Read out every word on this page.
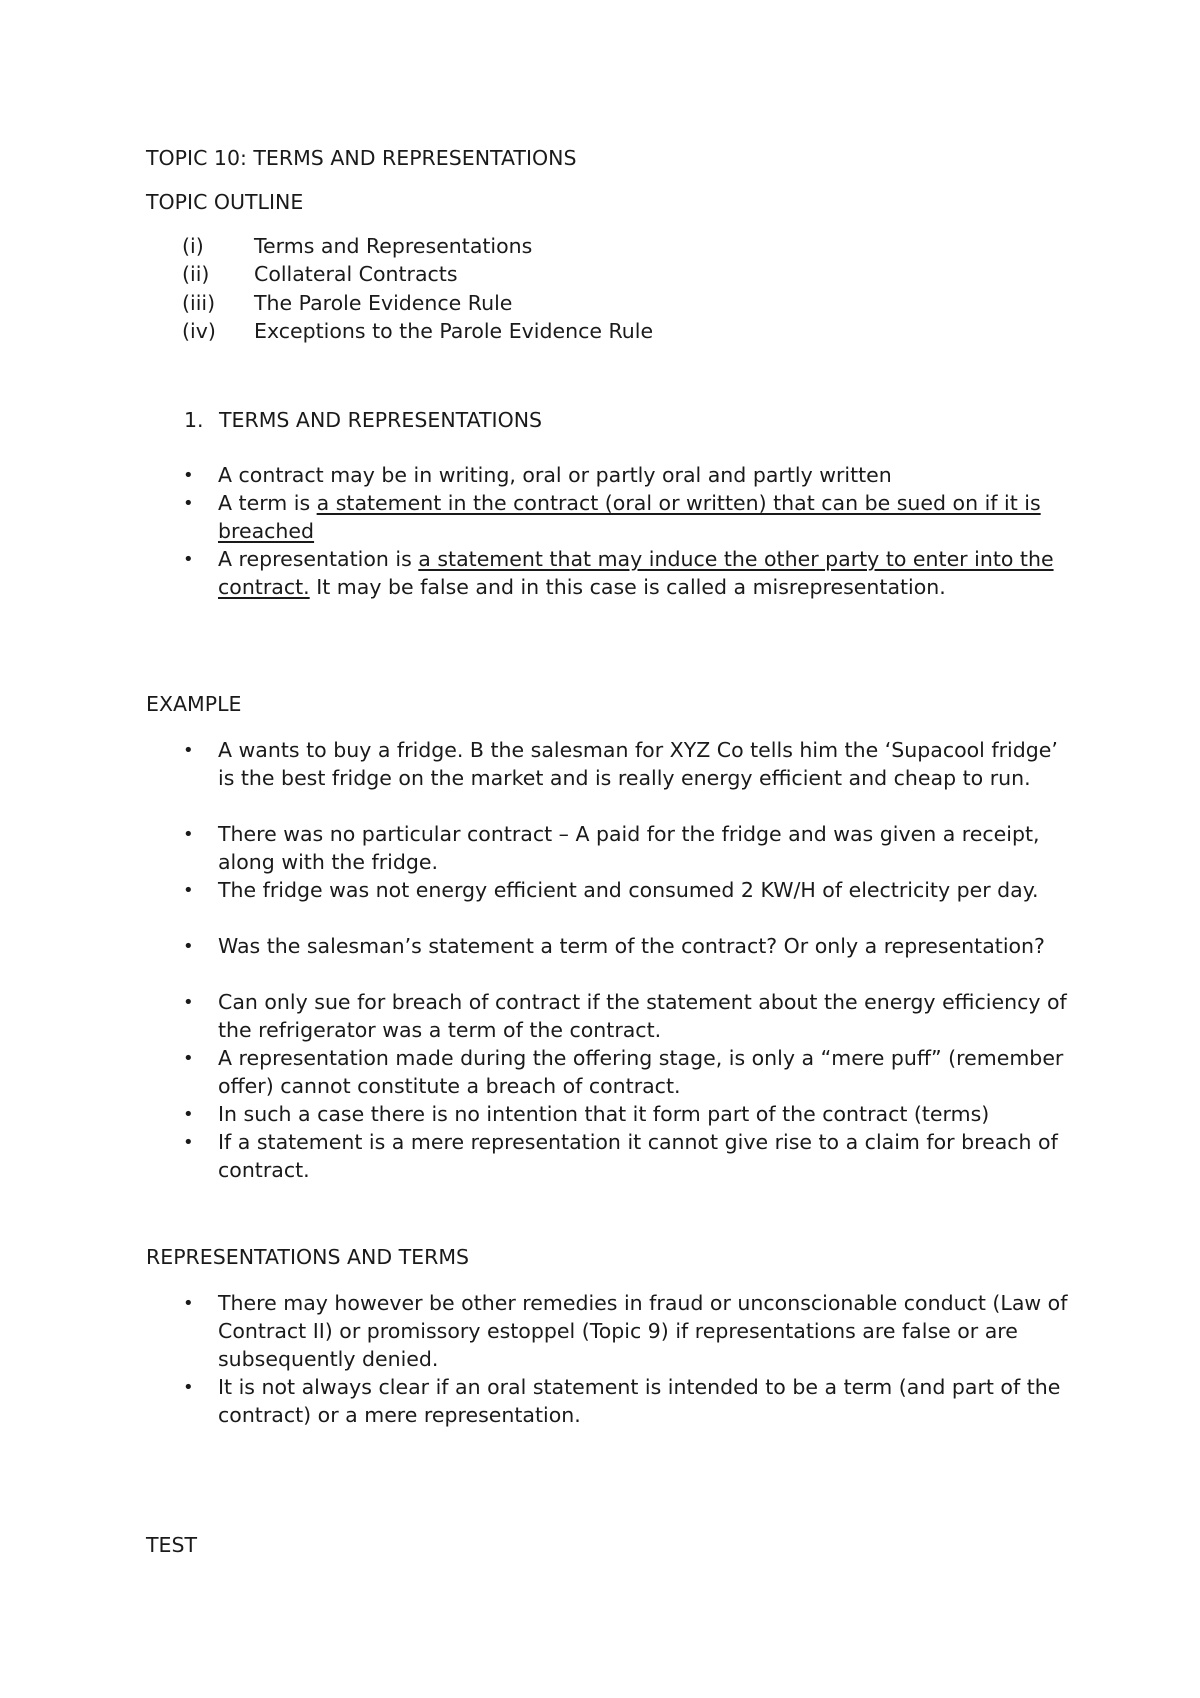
TOPIC 10: TERMS AND REPRESENTATIONS
TOPIC OUTLINE
(i) Terms and Representations
(ii) Collateral Contracts
(iii) The Parole Evidence Rule
(iv) Exceptions to the Parole Evidence Rule
1. TERMS AND REPRESENTATIONS
• A contract may be in writing, oral or partly oral and partly written
• A term is a statement in the contract (oral or written) that can be sued on if it is breached
• A representation is a statement that may induce the other party to enter into the contract. It may be false and in this case is called a misrepresentation.
EXAMPLE
• A wants to buy a fridge. B the salesman for XYZ Co tells him the ‘Supacool fridge’ is the best fridge on the market and is really energy efficient and cheap to run.
• There was no particular contract – A paid for the fridge and was given a receipt, along with the fridge.
• The fridge was not energy efficient and consumed 2 KW/H of electricity per day.
• Was the salesman’s statement a term of the contract? Or only a representation?
• Can only sue for breach of contract if the statement about the energy efficiency of the refrigerator was a term of the contract.
• A representation made during the offering stage, is only a “mere puff” (remember offer) cannot constitute a breach of contract.
• In such a case there is no intention that it form part of the contract (terms)
• If a statement is a mere representation it cannot give rise to a claim for breach of contract.
REPRESENTATIONS AND TERMS
• There may however be other remedies in fraud or unconscionable conduct (Law of Contract II) or promissory estoppel (Topic 9) if representations are false or are subsequently denied.
• It is not always clear if an oral statement is intended to be a term (and part of the contract) or a mere representation.
TEST
